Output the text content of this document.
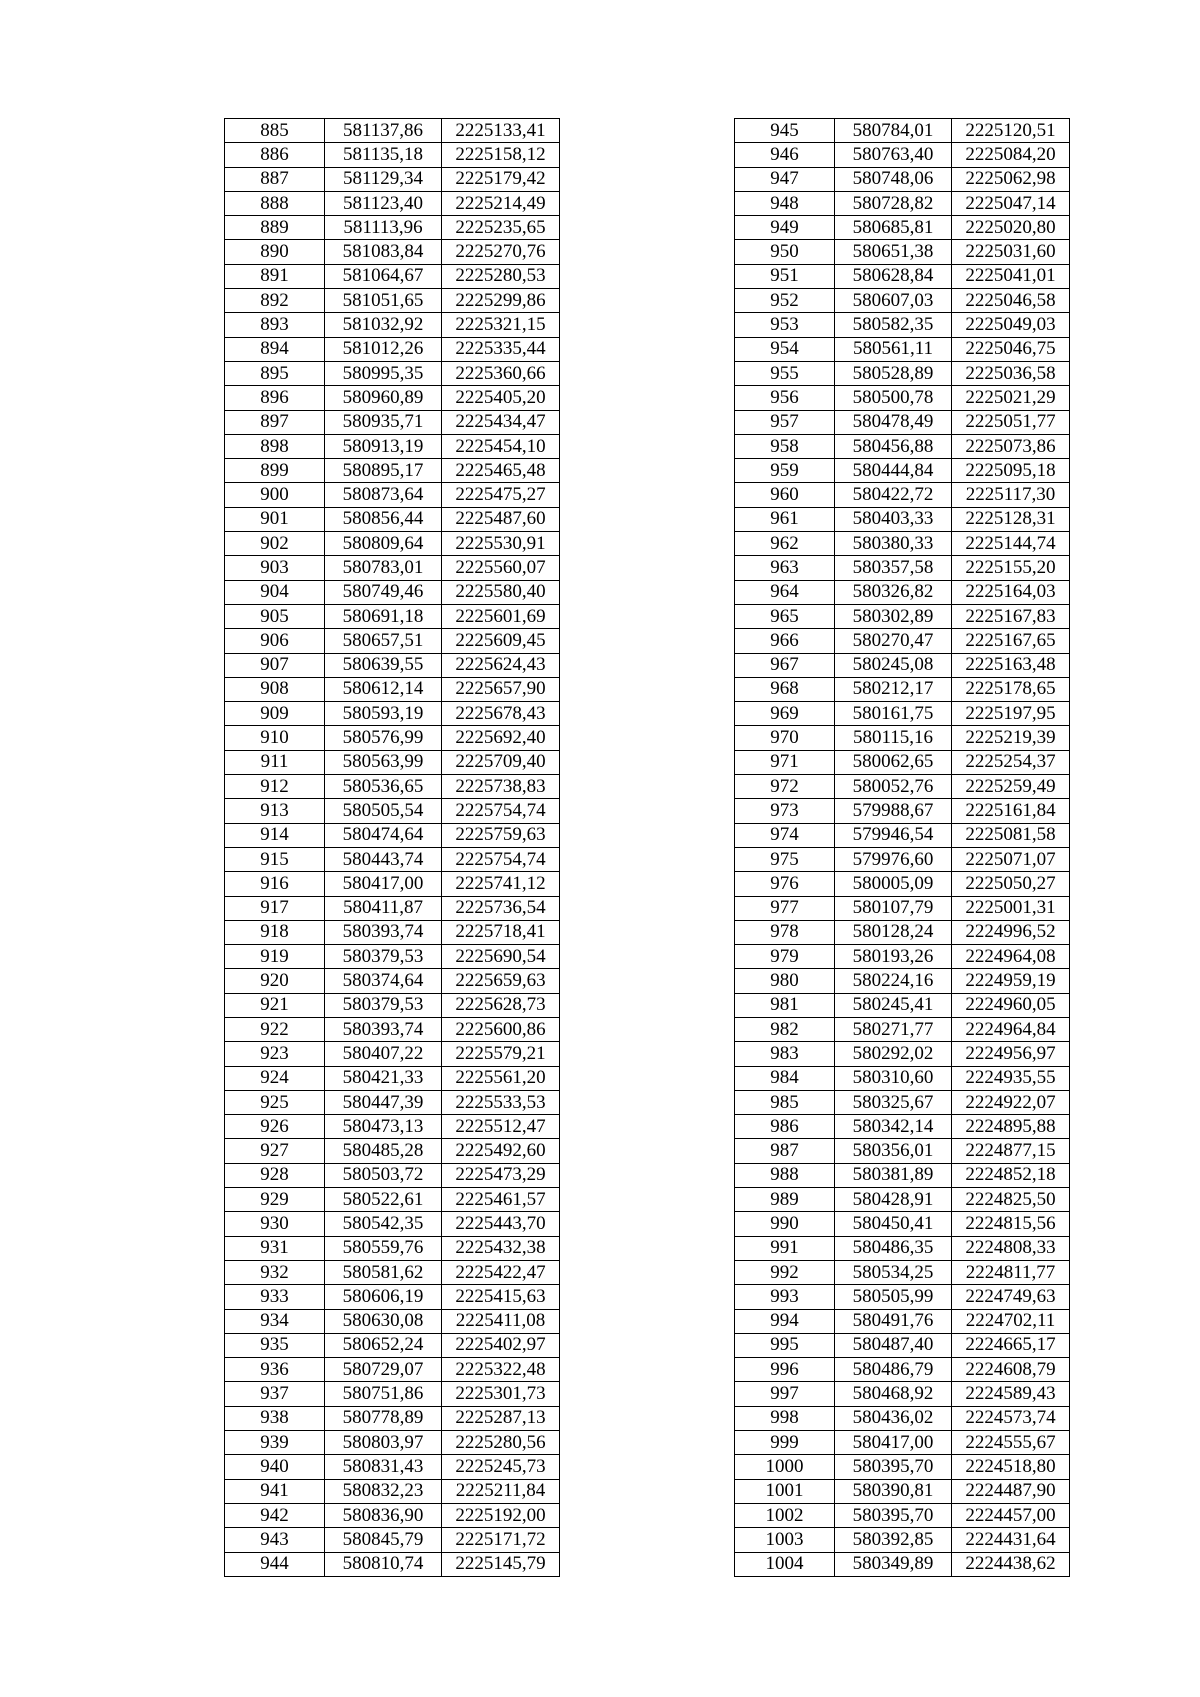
885	581137,86	2225133,41
886	581135,18	2225158,12
887	581129,34	2225179,42
888	581123,40	2225214,49
889	581113,96	2225235,65
890	581083,84	2225270,76
891	581064,67	2225280,53
892	581051,65	2225299,86
893	581032,92	2225321,15
894	581012,26	2225335,44
895	580995,35	2225360,66
896	580960,89	2225405,20
897	580935,71	2225434,47
898	580913,19	2225454,10
899	580895,17	2225465,48
900	580873,64	2225475,27
901	580856,44	2225487,60
902	580809,64	2225530,91
903	580783,01	2225560,07
904	580749,46	2225580,40
905	580691,18	2225601,69
906	580657,51	2225609,45
907	580639,55	2225624,43
908	580612,14	2225657,90
909	580593,19	2225678,43
910	580576,99	2225692,40
911	580563,99	2225709,40
912	580536,65	2225738,83
913	580505,54	2225754,74
914	580474,64	2225759,63
915	580443,74	2225754,74
916	580417,00	2225741,12
917	580411,87	2225736,54
918	580393,74	2225718,41
919	580379,53	2225690,54
920	580374,64	2225659,63
921	580379,53	2225628,73
922	580393,74	2225600,86
923	580407,22	2225579,21
924	580421,33	2225561,20
925	580447,39	2225533,53
926	580473,13	2225512,47
927	580485,28	2225492,60
928	580503,72	2225473,29
929	580522,61	2225461,57
930	580542,35	2225443,70
931	580559,76	2225432,38
932	580581,62	2225422,47
933	580606,19	2225415,63
934	580630,08	2225411,08
935	580652,24	2225402,97
936	580729,07	2225322,48
937	580751,86	2225301,73
938	580778,89	2225287,13
939	580803,97	2225280,56
940	580831,43	2225245,73
941	580832,23	2225211,84
942	580836,90	2225192,00
943	580845,79	2225171,72
944	580810,74	2225145,79
945	580784,01	2225120,51
946	580763,40	2225084,20
947	580748,06	2225062,98
948	580728,82	2225047,14
949	580685,81	2225020,80
950	580651,38	2225031,60
951	580628,84	2225041,01
952	580607,03	2225046,58
953	580582,35	2225049,03
954	580561,11	2225046,75
955	580528,89	2225036,58
956	580500,78	2225021,29
957	580478,49	2225051,77
958	580456,88	2225073,86
959	580444,84	2225095,18
960	580422,72	2225117,30
961	580403,33	2225128,31
962	580380,33	2225144,74
963	580357,58	2225155,20
964	580326,82	2225164,03
965	580302,89	2225167,83
966	580270,47	2225167,65
967	580245,08	2225163,48
968	580212,17	2225178,65
969	580161,75	2225197,95
970	580115,16	2225219,39
971	580062,65	2225254,37
972	580052,76	2225259,49
973	579988,67	2225161,84
974	579946,54	2225081,58
975	579976,60	2225071,07
976	580005,09	2225050,27
977	580107,79	2225001,31
978	580128,24	2224996,52
979	580193,26	2224964,08
980	580224,16	2224959,19
981	580245,41	2224960,05
982	580271,77	2224964,84
983	580292,02	2224956,97
984	580310,60	2224935,55
985	580325,67	2224922,07
986	580342,14	2224895,88
987	580356,01	2224877,15
988	580381,89	2224852,18
989	580428,91	2224825,50
990	580450,41	2224815,56
991	580486,35	2224808,33
992	580534,25	2224811,77
993	580505,99	2224749,63
994	580491,76	2224702,11
995	580487,40	2224665,17
996	580486,79	2224608,79
997	580468,92	2224589,43
998	580436,02	2224573,74
999	580417,00	2224555,67
1000	580395,70	2224518,80
1001	580390,81	2224487,90
1002	580395,70	2224457,00
1003	580392,85	2224431,64
1004	580349,89	2224438,62
